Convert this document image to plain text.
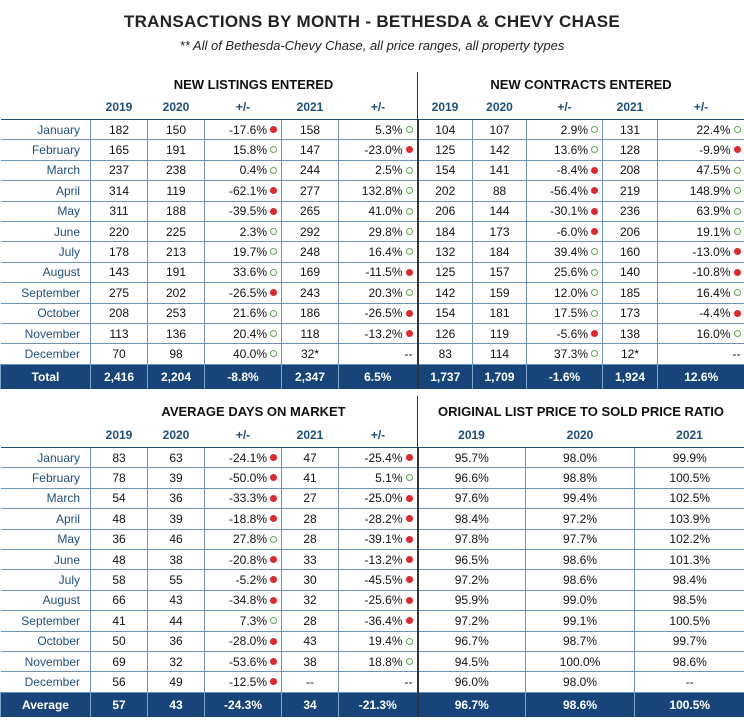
TRANSACTIONS BY MONTH - BETHESDA & CHEVY CHASE
** All of Bethesda-Chevy Chase, all price ranges, all property types
NEW LISTINGS ENTERED	NEW CONTRACTS ENTERED
AVERAGE DAYS ON MARKET	ORIGINAL LIST PRICE TO SOLD PRICE RATIO
	2019	2020	+/-	2021	+/-	2019	2020	+/-	2021	+/-
January	182	150	-17.6%	158	5.3%	104	107	2.9%	131	22.4%
February	165	191	15.8%	147	-23.0%	125	142	13.6%	128	-9.9%
March	237	238	0.4%	244	2.5%	154	141	-8.4%	208	47.5%
April	314	119	-62.1%	277	132.8%	202	88	-56.4%	219	148.9%
May	311	188	-39.5%	265	41.0%	206	144	-30.1%	236	63.9%
June	220	225	2.3%	292	29.8%	184	173	-6.0%	206	19.1%
July	178	213	19.7%	248	16.4%	132	184	39.4%	160	-13.0%
August	143	191	33.6%	169	-11.5%	125	157	25.6%	140	-10.8%
September	275	202	-26.5%	243	20.3%	142	159	12.0%	185	16.4%
October	208	253	21.6%	186	-26.5%	154	181	17.5%	173	-4.4%
November	113	136	20.4%	118	-13.2%	126	119	-5.6%	138	16.0%
December	70	98	40.0%	32*	--	83	114	37.3%	12*	--
Total	2,416	2,204	-8.8%	2,347	6.5%	1,737	1,709	-1.6%	1,924	12.6%
	2019	2020	+/-	2021	+/-	2019	2020	2021
January	83	63	-24.1%	47	-25.4%	95.7%	98.0%	99.9%
February	78	39	-50.0%	41	5.1%	96.6%	98.8%	100.5%
March	54	36	-33.3%	27	-25.0%	97.6%	99.4%	102.5%
April	48	39	-18.8%	28	-28.2%	98.4%	97.2%	103.9%
May	36	46	27.8%	28	-39.1%	97.8%	97.7%	102.2%
June	48	38	-20.8%	33	-13.2%	96.5%	98.6%	101.3%
July	58	55	-5.2%	30	-45.5%	97.2%	98.6%	98.4%
August	66	43	-34.8%	32	-25.6%	95.9%	99.0%	98.5%
September	41	44	7.3%	28	-36.4%	97.2%	99.1%	100.5%
October	50	36	-28.0%	43	19.4%	96.7%	98.7%	99.7%
November	69	32	-53.6%	38	18.8%	94.5%	100.0%	98.6%
December	56	49	-12.5%	--	--	96.0%	98.0%	--
Average	57	43	-24.3%	34	-21.3%	96.7%	98.6%	100.5%
